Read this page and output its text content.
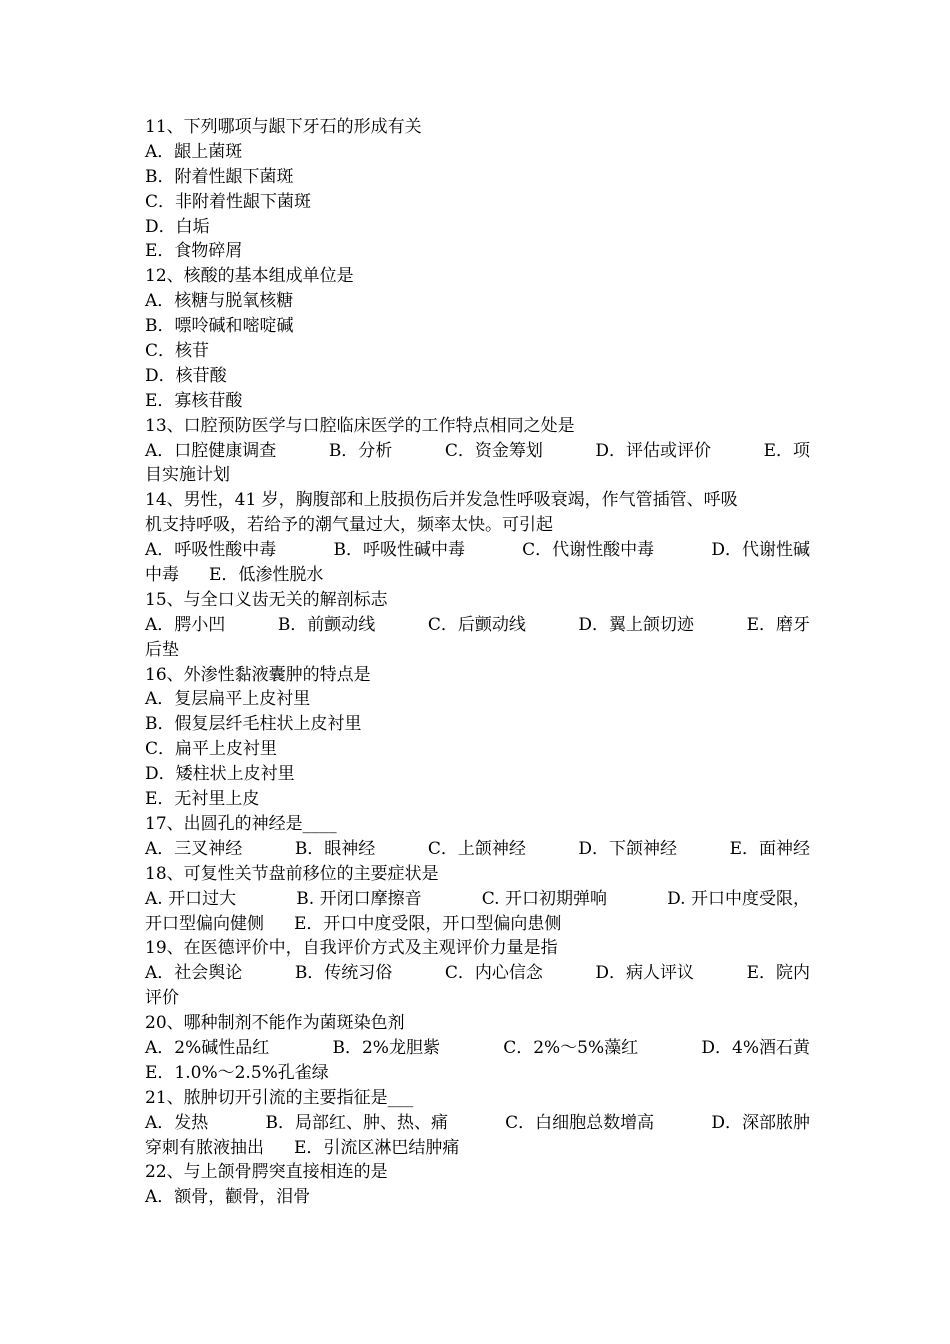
11、下列哪项与龈下牙石的形成有关
A．龈上菌斑
B．附着性龈下菌斑
C．非附着性龈下菌斑
D．白垢
E．食物碎屑
12、核酸的基本组成单位是
A．核糖与脱氧核糖
B．嘌呤碱和嘧啶碱
C．核苷
D．核苷酸
E．寡核苷酸
13、口腔预防医学与口腔临床医学的工作特点相同之处是
A．口腔健康调查	B．分析	C．资金筹划	D．评估或评价	E．项
目实施计划
14、男性，41 岁，胸腹部和上肢损伤后并发急性呼吸衰竭，作气管插管、呼吸
机支持呼吸，若给予的潮气量过大，频率太快。可引起
A．呼吸性酸中毒	B．呼吸性碱中毒	C．代谢性酸中毒	D．代谢性碱
中毒 E．低渗性脱水
15、与全口义齿无关的解剖标志
A．腭小凹	B．前颤动线	C．后颤动线	D．翼上颌切迹	E．磨牙
后垫
16、外渗性黏液囊肿的特点是
A．复层扁平上皮衬里
B．假复层纤毛柱状上皮衬里
C．扁平上皮衬里
D．矮柱状上皮衬里
E．无衬里上皮
17、出圆孔的神经是____
A．三叉神经	B．眼神经	C．上颌神经	D．下颌神经	E．面神经
18、可复性关节盘前移位的主要症状是
A. 开口过大	B. 开闭口摩擦音	C. 开口初期弹响	D. 开口中度受限，
开口型偏向健侧 E．开口中度受限，开口型偏向患侧
19、在医德评价中，自我评价方式及主观评价力量是指
A．社会舆论	B．传统习俗	C．内心信念	D．病人评议	E．院内
评价
20、哪种制剂不能作为菌斑染色剂
A．2%碱性品红	B．2%龙胆紫	C．2%～5%藻红	D．4%酒石黄
E．1.0%～2.5%孔雀绿
21、脓肿切开引流的主要指征是___
A．发热	B．局部红、肿、热、痛	C．白细胞总数增高	D．深部脓肿
穿刺有脓液抽出 E．引流区淋巴结肿痛
22、与上颌骨腭突直接相连的是
A．额骨，颧骨，泪骨
